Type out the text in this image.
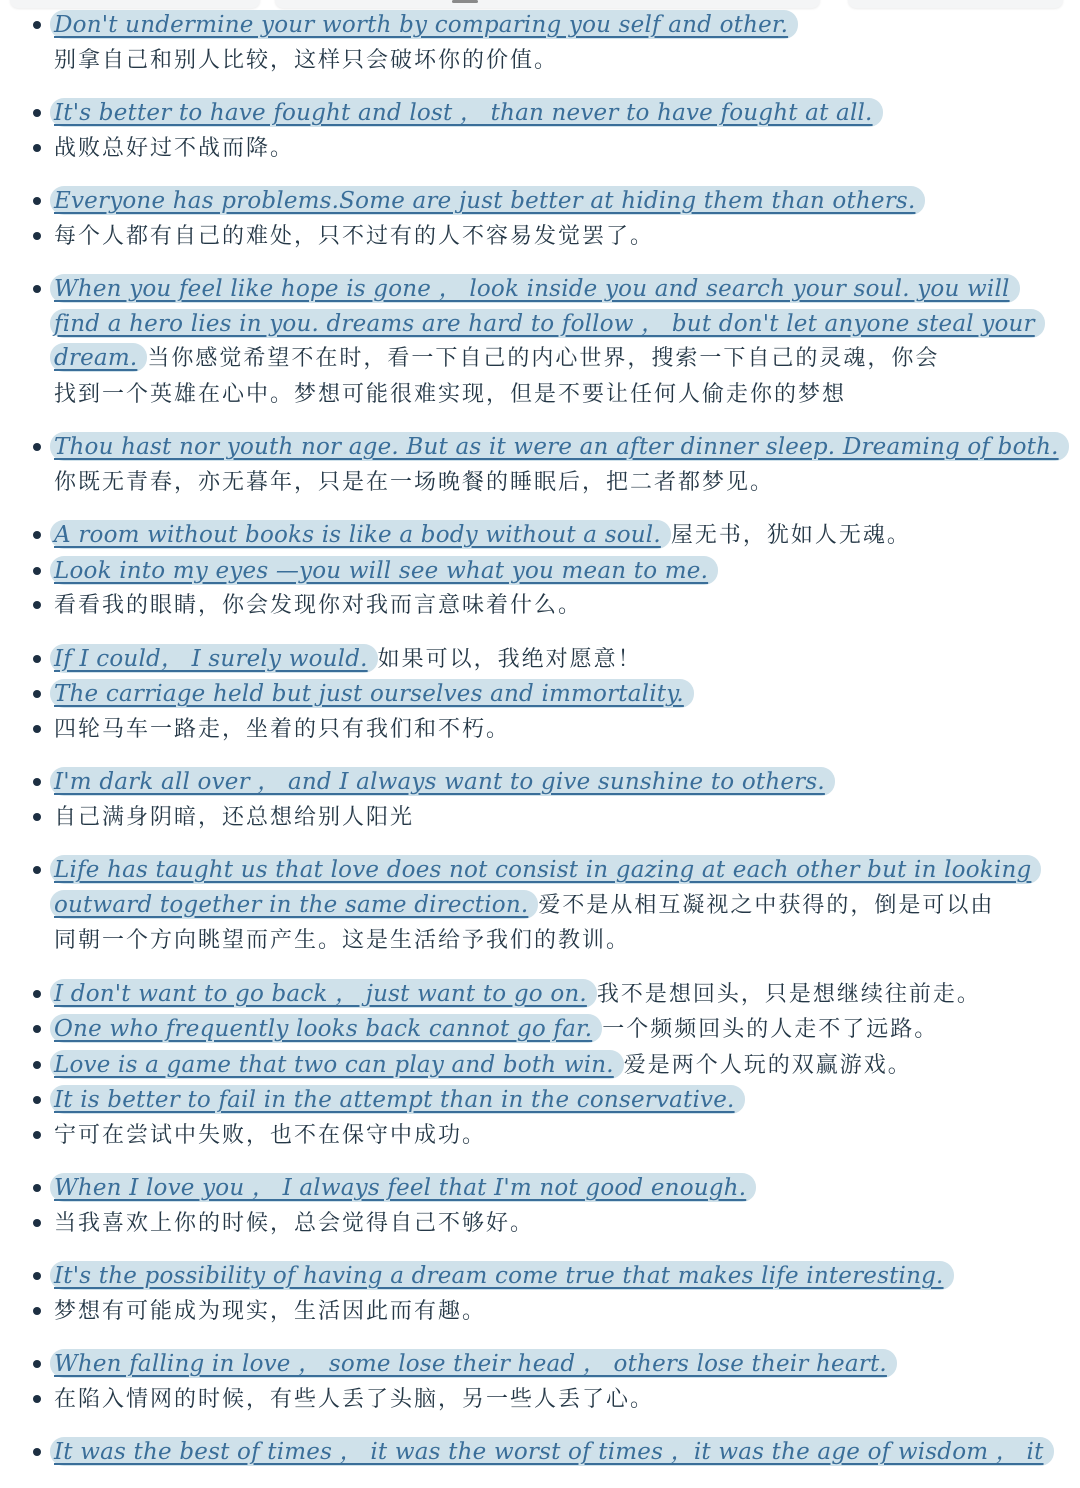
Don't undermine your worth by comparing you self and other.
别拿自己和别人比较，这样只会破坏你的价值。
It's better to have fought and lost ， than never to have fought at all.
战败总好过不战而降。
Everyone has problems.Some are just better at hiding them than others.
每个人都有自己的难处，只不过有的人不容易发觉罢了。
When you feel like hope is gone ， look inside you and search your soul. you will
find a hero lies in you. dreams are hard to follow ， but don't let anyone steal your
dream. 当你感觉希望不在时，看一下自己的内心世界，搜索一下自己的灵魂，你会
找到一个英雄在心中。梦想可能很难实现，但是不要让任何人偷走你的梦想
Thou hast nor youth nor age. But as it were an after dinner sleep. Dreaming of both.
你既无青春，亦无暮年，只是在一场晚餐的睡眠后，把二者都梦见。
A room without books is like a body without a soul. 屋无书，犹如人无魂。
Look into my eyes —you will see what you mean to me.
看看我的眼睛，你会发现你对我而言意味着什么。
If I could， I surely would. 如果可以，我绝对愿意！
The carriage held but just ourselves and immortality.
四轮马车一路走，坐着的只有我们和不朽。
I'm dark all over ， and I always want to give sunshine to others.
自己满身阴暗，还总想给别人阳光
Life has taught us that love does not consist in gazing at each other but in looking
outward together in the same direction. 爱不是从相互凝视之中获得的，倒是可以由
同朝一个方向眺望而产生。这是生活给予我们的教训。
I don't want to go back ， just want to go on. 我不是想回头，只是想继续往前走。
One who frequently looks back cannot go far. 一个频频回头的人走不了远路。
Love is a game that two can play and both win. 爱是两个人玩的双赢游戏。
It is better to fail in the attempt than in the conservative.
宁可在尝试中失败，也不在保守中成功。
When I love you ， I always feel that I'm not good enough.
当我喜欢上你的时候，总会觉得自己不够好。
It's the possibility of having a dream come true that makes life interesting.
梦想有可能成为现实，生活因此而有趣。
When falling in love ， some lose their head ， others lose their heart.
在陷入情网的时候，有些人丢了头脑，另一些人丢了心。
It was the best of times ， it was the worst of times ，it was the age of wisdom ， it
